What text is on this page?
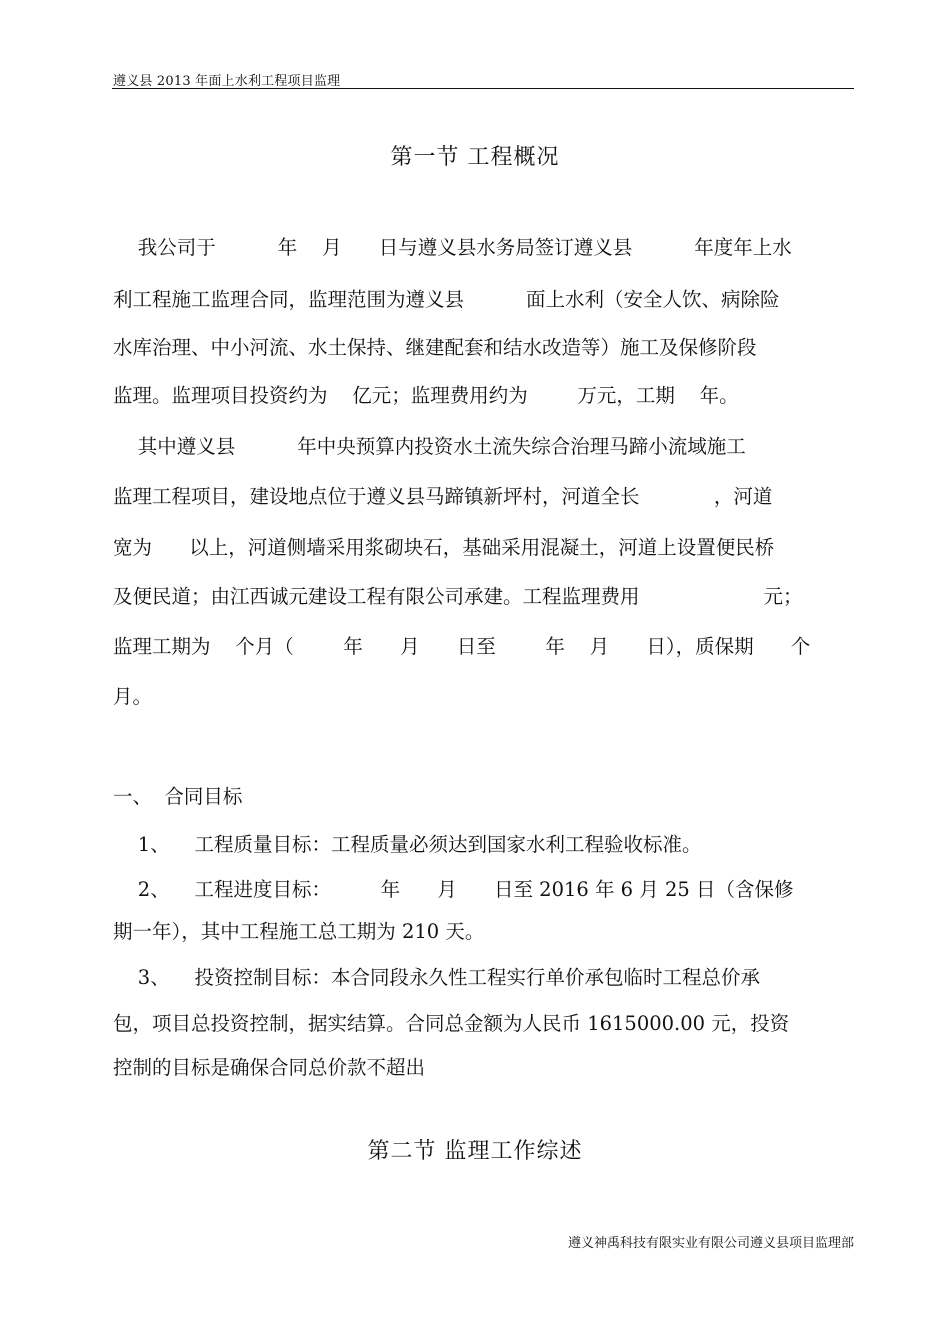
遵义县 2013 年面上水利工程项目监理
第一节 工程概况
我公司于          年    月      日与遵义县水务局签订遵义县          年度年上水
利工程施工监理合同，监理范围为遵义县          面上水利（安全人饮、病除险
水库治理、中小河流、水土保持、继建配套和结水改造等）施工及保修阶段
监理。监理项目投资约为    亿元；监理费用约为        万元，工期    年。
其中遵义县          年中央预算内投资水土流失综合治理马蹄小流域施工
监理工程项目，建设地点位于遵义县马蹄镇新坪村，河道全长            ，河道
宽为      以上，河道侧墙采用浆砌块石，基础采用混凝土，河道上设置便民桥
及便民道；由江西诚元建设工程有限公司承建。工程监理费用                    元；
监理工期为    个月（        年      月      日至        年    月      日），质保期      个
月。
一、  合同目标
1、    工程质量目标：工程质量必须达到国家水利工程验收标准。
2、    工程进度目标：        年      月      日至 2016 年 6 月 25 日（含保修
期一年），其中工程施工总工期为 210 天。
3、    投资控制目标：本合同段永久性工程实行单价承包临时工程总价承
包，项目总投资控制，据实结算。合同总金额为人民币 1615000.00 元，投资
控制的目标是确保合同总价款不超出
第二节 监理工作综述
遵义神禹科技有限实业有限公司遵义县项目监理部
